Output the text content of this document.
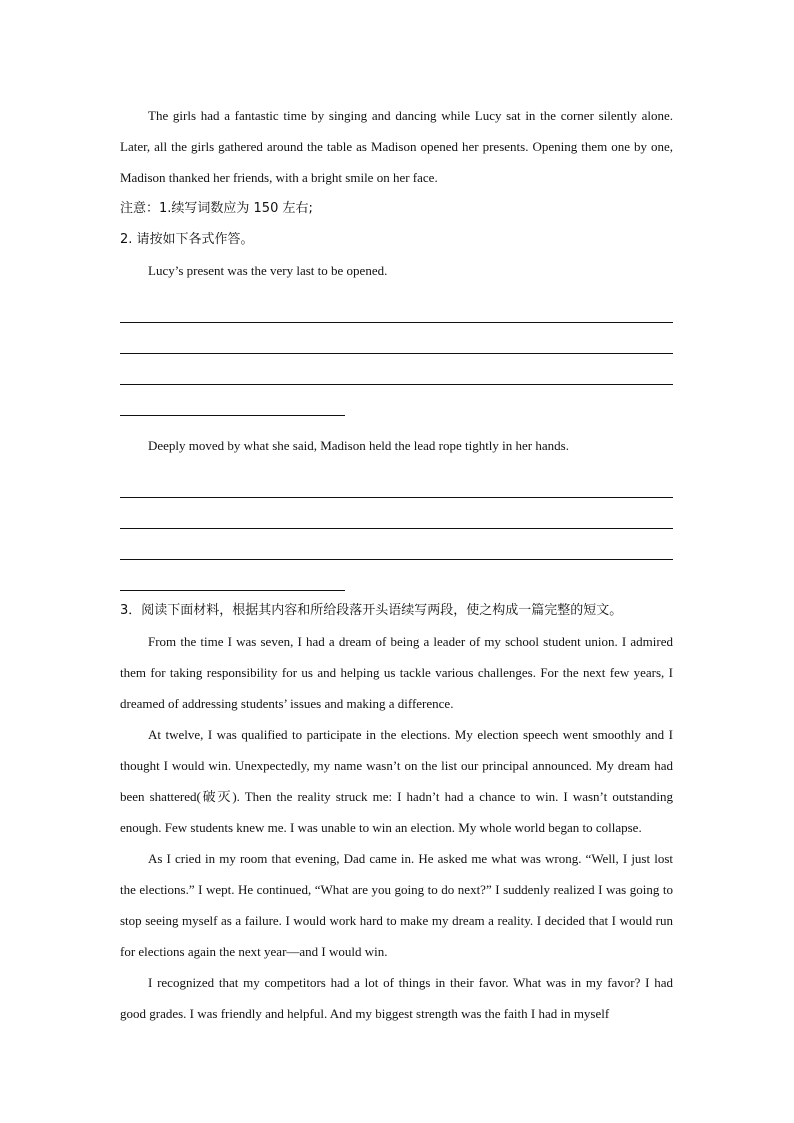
The girls had a fantastic time by singing and dancing while Lucy sat in the corner silently alone. Later, all the girls gathered around the table as Madison opened her presents. Opening them one by one, Madison thanked her friends, with a bright smile on her face.

注意：1.续写词数应为 150 左右;

2. 请按如下各式作答。

Lucy’s present was the very last to be opened.

Deeply moved by what she said, Madison held the lead rope tightly in her hands.

3．阅读下面材料，根据其内容和所给段落开头语续写两段，使之构成一篇完整的短文。

From the time I was seven, I had a dream of being a leader of my school student union. I admired them for taking responsibility for us and helping us tackle various challenges. For the next few years, I dreamed of addressing students’ issues and making a difference.

At twelve, I was qualified to participate in the elections. My election speech went smoothly and I thought I would win. Unexpectedly, my name wasn’t on the list our principal announced. My dream had been shattered(破灭). Then the reality struck me: I hadn’t had a chance to win. I wasn’t outstanding enough. Few students knew me. I was unable to win an election. My whole world began to collapse.

As I cried in my room that evening, Dad came in. He asked me what was wrong. “Well, I just lost the elections.” I wept. He continued, “What are you going to do next?” I suddenly realized I was going to stop seeing myself as a failure. I would work hard to make my dream a reality. I decided that I would run for elections again the next year—and I would win.

I recognized that my competitors had a lot of things in their favor. What was in my favor? I had good grades. I was friendly and helpful. And my biggest strength was the faith I had in myself
